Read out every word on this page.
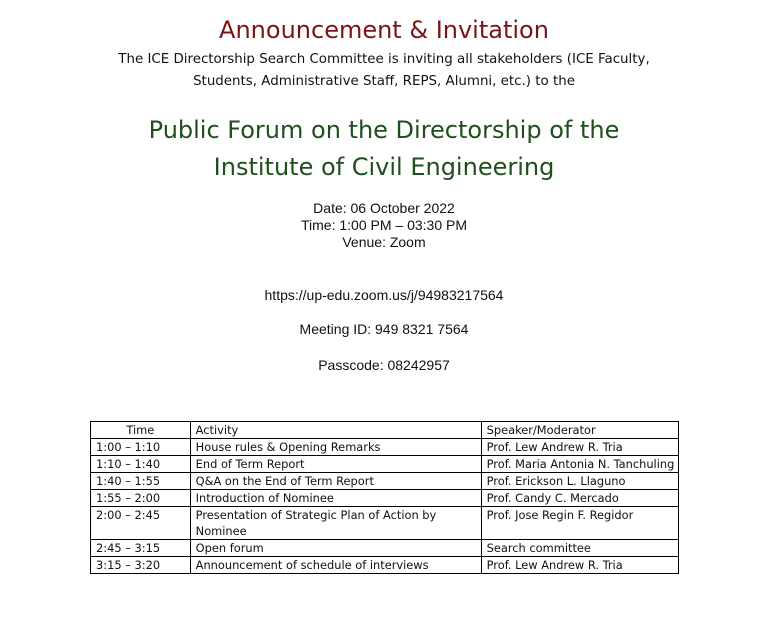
Announcement & Invitation
The ICE Directorship Search Committee is inviting all stakeholders (ICE Faculty,
Students, Administrative Staff, REPS, Alumni, etc.) to the
Public Forum on the Directorship of the
Institute of Civil Engineering
Date: 06 October 2022
Time: 1:00 PM – 03:30 PM
Venue: Zoom
https://up-edu.zoom.us/j/94983217564
Meeting ID: 949 8321 7564
Passcode: 08242957
Time	Activity	Speaker/Moderator
1:00 – 1:10	House rules & Opening Remarks	Prof. Lew Andrew R. Tria
1:10 – 1:40	End of Term Report	Prof. Maria Antonia N. Tanchuling
1:40 – 1:55	Q&A on the End of Term Report	Prof. Erickson L. Llaguno
1:55 – 2:00	Introduction of Nominee	Prof. Candy C. Mercado
2:00 – 2:45	Presentation of Strategic Plan of Action by Nominee	Prof. Jose Regin F. Regidor
2:45 – 3:15	Open forum	Search committee
3:15 – 3:20	Announcement of schedule of interviews	Prof. Lew Andrew R. Tria
